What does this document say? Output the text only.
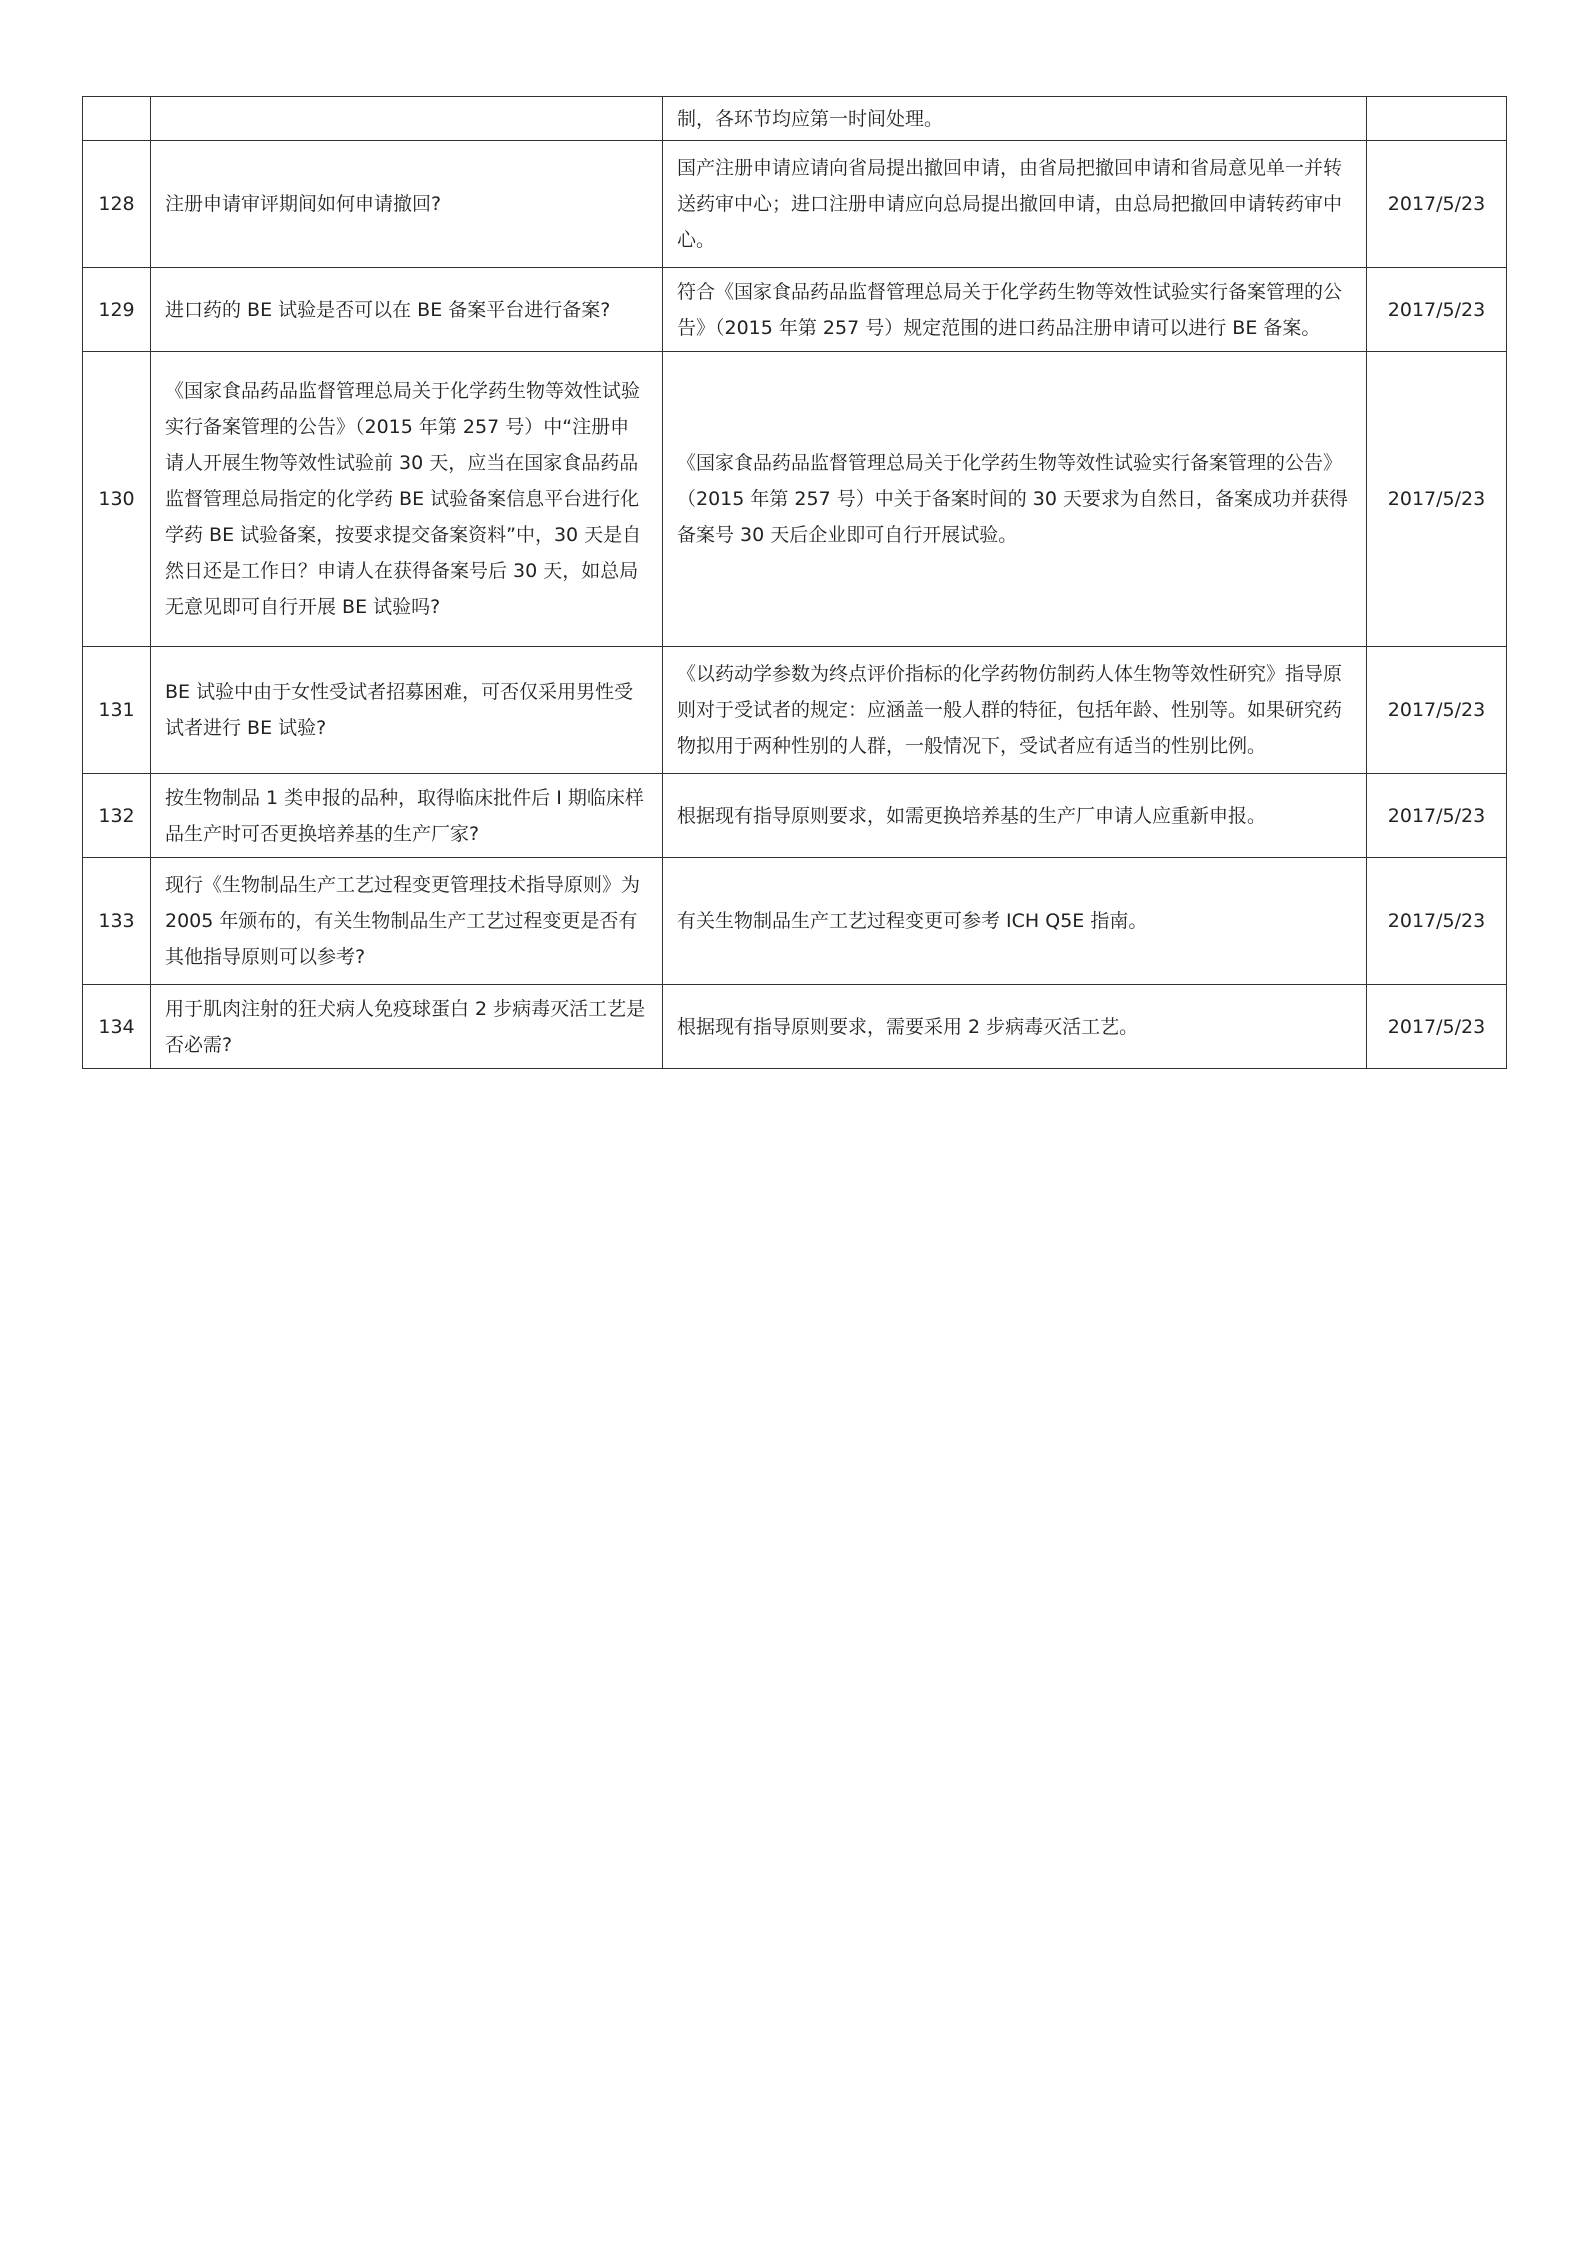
		制，各环节均应第一时间处理。	
128	注册申请审评期间如何申请撤回?	国产注册申请应请向省局提出撤回申请，由省局把撤回申请和省局意见单一并转送药审中心；进口注册申请应向总局提出撤回申请，由总局把撤回申请转药审中心。	2017/5/23
129	进口药的 BE 试验是否可以在 BE 备案平台进行备案?	符合《国家食品药品监督管理总局关于化学药生物等效性试验实行备案管理的公告》（2015 年第 257 号）规定范围的进口药品注册申请可以进行 BE 备案。	2017/5/23
130	《国家食品药品监督管理总局关于化学药生物等效性试验实行备案管理的公告》（2015 年第 257 号）中“注册申请人开展生物等效性试验前 30 天，应当在国家食品药品监督管理总局指定的化学药 BE 试验备案信息平台进行化学药 BE 试验备案，按要求提交备案资料”中，30 天是自然日还是工作日？申请人在获得备案号后 30 天，如总局无意见即可自行开展 BE 试验吗?	《国家食品药品监督管理总局关于化学药生物等效性试验实行备案管理的公告》（2015 年第 257 号）中关于备案时间的 30 天要求为自然日，备案成功并获得备案号 30 天后企业即可自行开展试验。	2017/5/23
131	BE 试验中由于女性受试者招募困难，可否仅采用男性受试者进行 BE 试验?	《以药动学参数为终点评价指标的化学药物仿制药人体生物等效性研究》指导原则对于受试者的规定：应涵盖一般人群的特征，包括年龄、性别等。如果研究药物拟用于两种性别的人群，一般情况下，受试者应有适当的性别比例。	2017/5/23
132	按生物制品 1 类申报的品种，取得临床批件后 I 期临床样品生产时可否更换培养基的生产厂家?	根据现有指导原则要求，如需更换培养基的生产厂申请人应重新申报。	2017/5/23
133	现行《生物制品生产工艺过程变更管理技术指导原则》为 2005 年颁布的，有关生物制品生产工艺过程变更是否有其他指导原则可以参考?	有关生物制品生产工艺过程变更可参考 ICH Q5E 指南。	2017/5/23
134	用于肌肉注射的狂犬病人免疫球蛋白 2 步病毒灭活工艺是否必需?	根据现有指导原则要求，需要采用 2 步病毒灭活工艺。	2017/5/23
